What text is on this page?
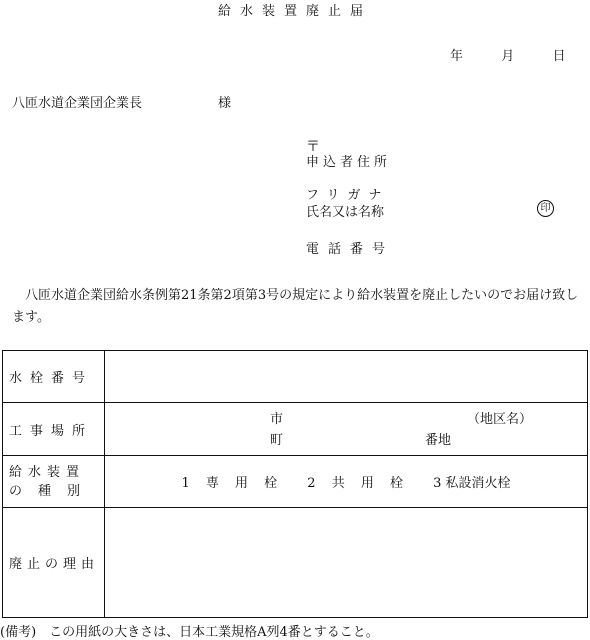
給水装置廃止届
年	月	日
八匝水道企業団企業長	様
〒
申込者住所
フリガナ
氏名又は名称	印
電話番号
八匝水道企業団給水条例第21条第2項第3号の規定により給水装置を廃止したいのでお届け致します。
水栓番号	
工事場所	市
町
（地区名）
番地

給水装置
の種別	1 専 用 栓 2 共 用 栓 3 私設消火栓
廃止の理由	
(備考)　この用紙の大きさは、日本工業規格A列4番とすること。
